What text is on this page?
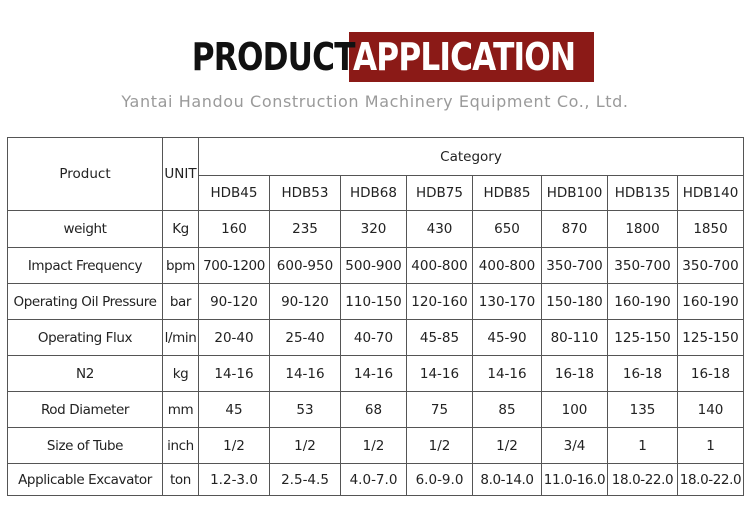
PRODUCT
APPLICATION
Yantai Handou Construction Machinery Equipment Co., Ltd.
Product	UNIT	Category							
		HDB45	HDB53	HDB68	HDB75	HDB85	HDB100	HDB135	HDB140
weight	Kg	160	235	320	430	650	870	1800	1850
Impact Frequency	bpm	700-1200	600-950	500-900	400-800	400-800	350-700	350-700	350-700
Operating Oil Pressure	bar	90-120	90-120	110-150	120-160	130-170	150-180	160-190	160-190
Operating Flux	l/min	20-40	25-40	40-70	45-85	45-90	80-110	125-150	125-150
N2	kg	14-16	14-16	14-16	14-16	14-16	16-18	16-18	16-18
Rod Diameter	mm	45	53	68	75	85	100	135	140
Size of Tube	inch	1/2	1/2	1/2	1/2	1/2	3/4	1	1
Applicable Excavator	ton	1.2-3.0	2.5-4.5	4.0-7.0	6.0-9.0	8.0-14.0	11.0-16.0	18.0-22.0	18.0-22.0
